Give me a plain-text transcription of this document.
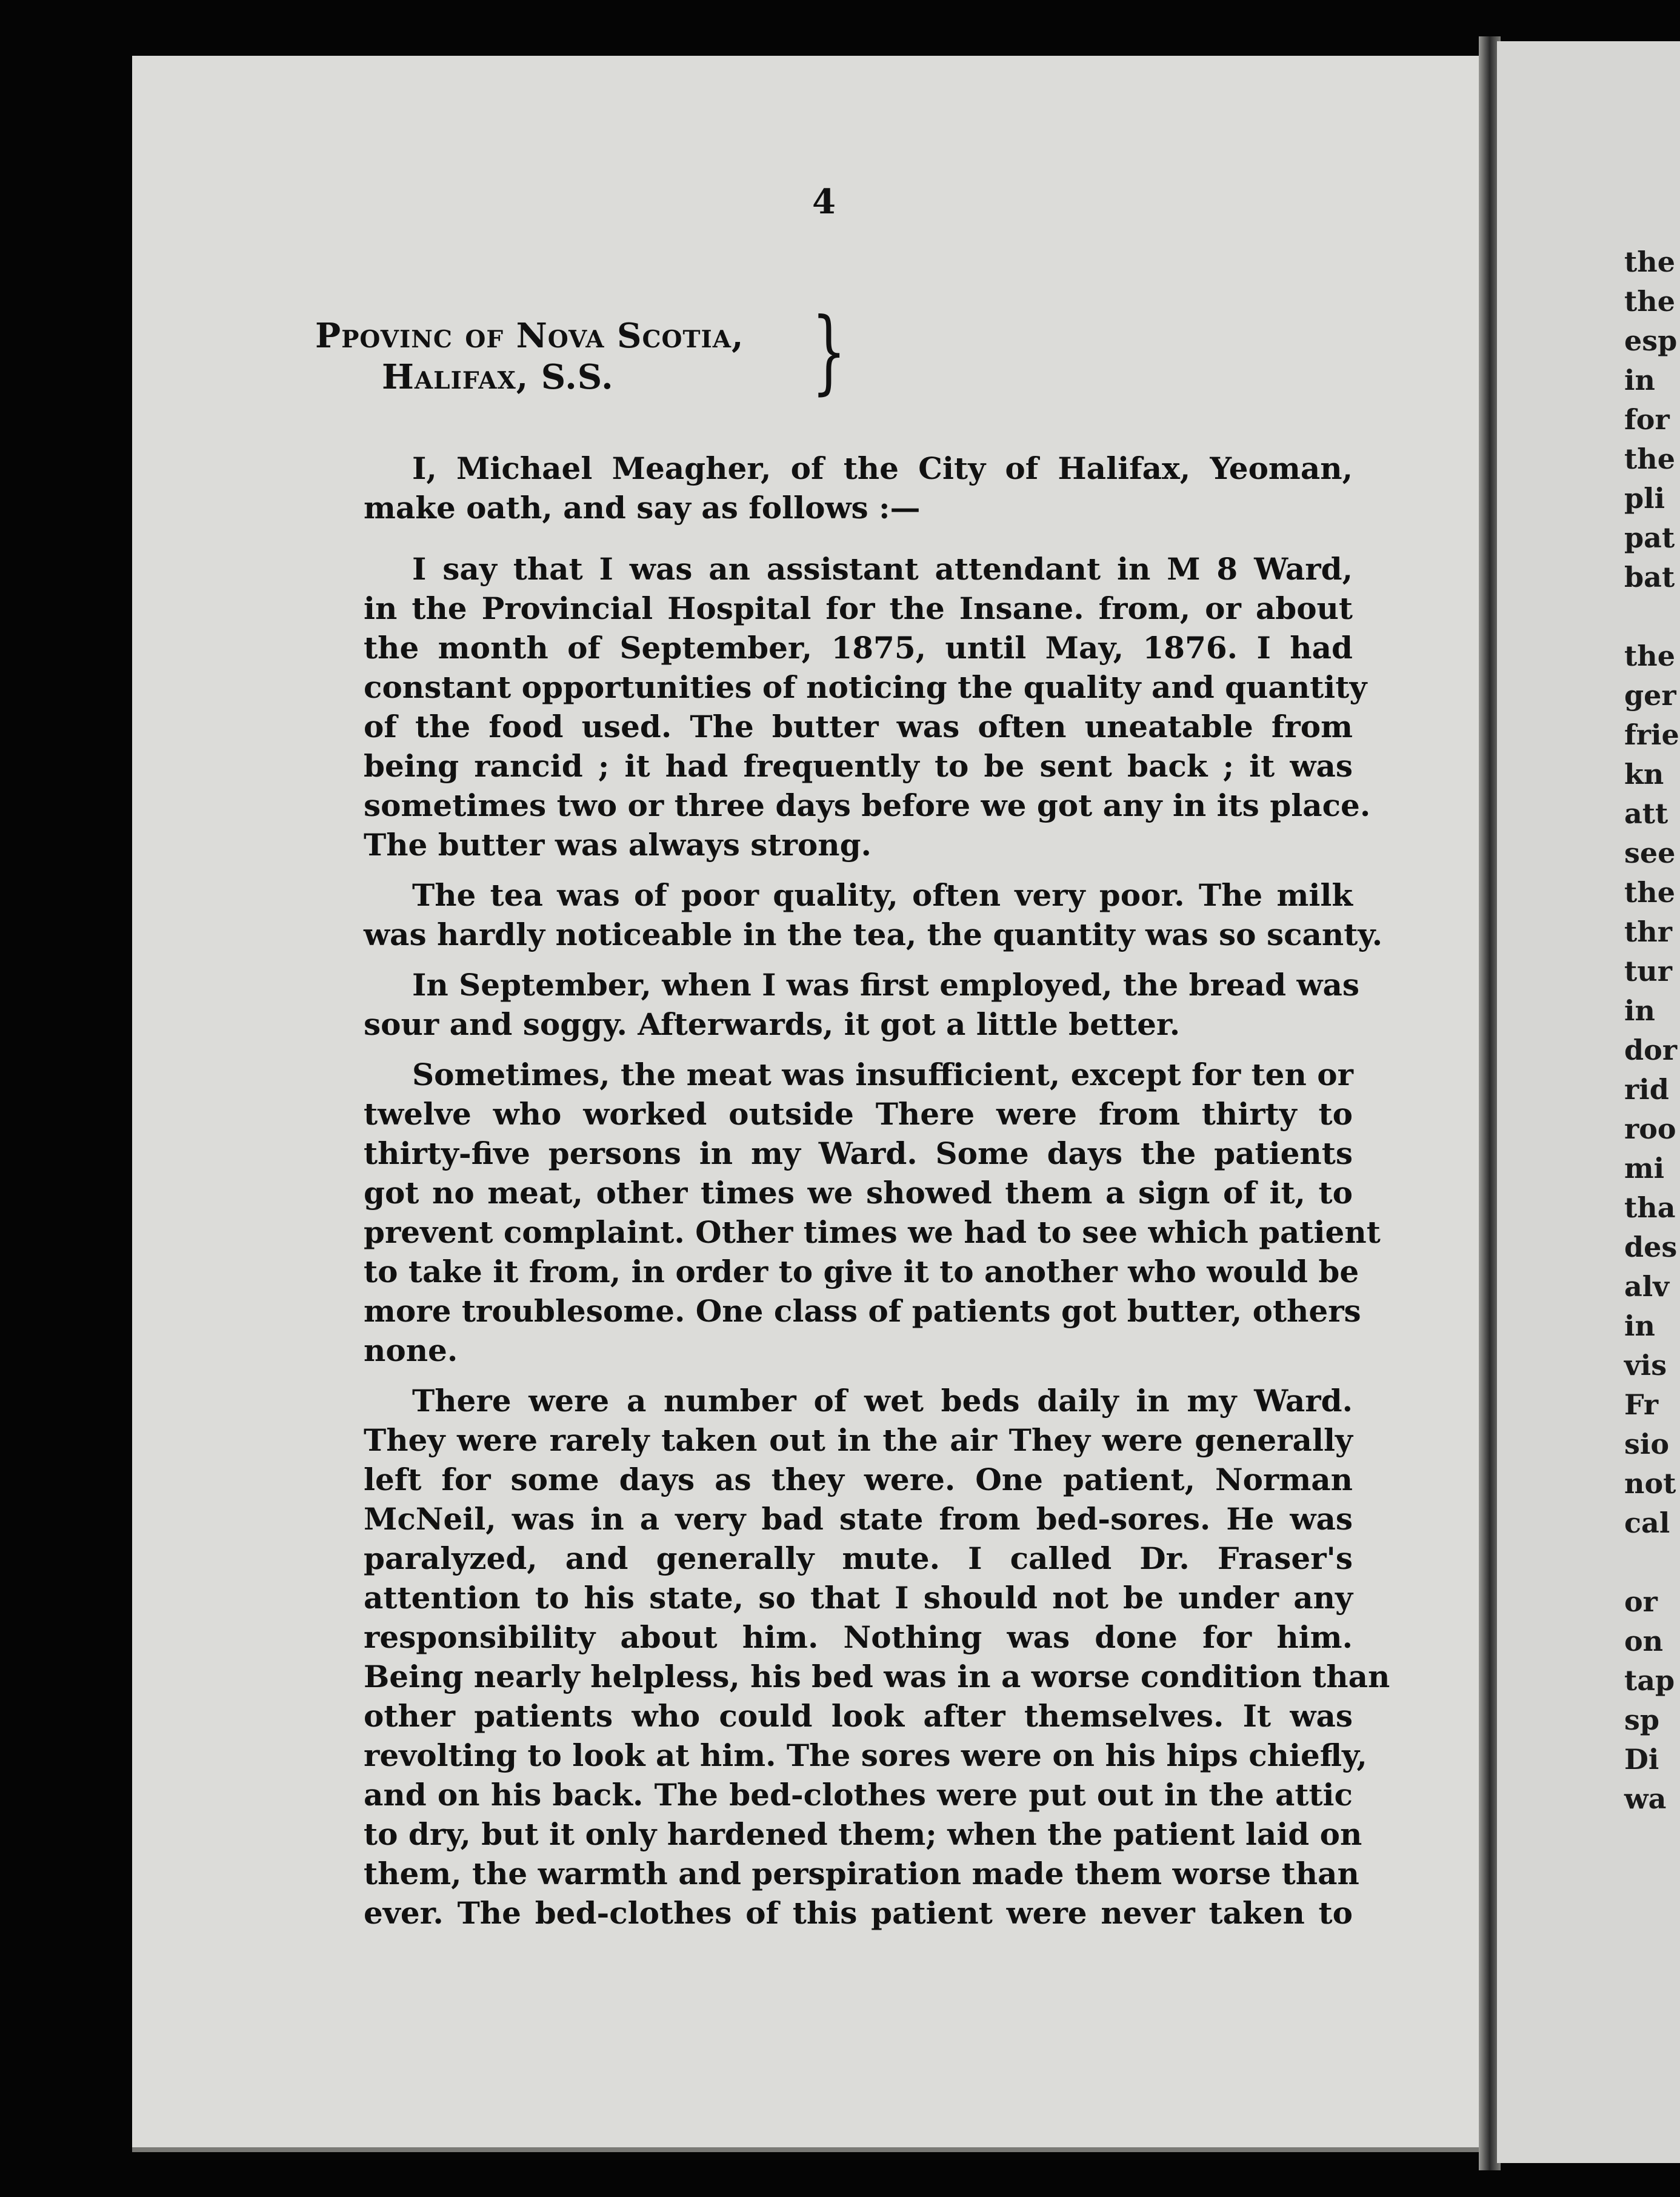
4
Ppovinc of Nova Scotia,
Halifax, S.S.	}

I, Michael Meagher, of the City of Halifax, Yeoman,
make oath, and say as follows :—

I say that I was an assistant attendant in M 8 Ward,
in the Provincial Hospital for the Insane. from, or about
the month of September, 1875, until May, 1876. I had
constant opportunities of noticing the quality and quantity
of the food used. The butter was often uneatable from
being rancid ; it had frequently to be sent back ; it was
sometimes two or three days before we got any in its place.
The butter was always strong.

The tea was of poor quality, often very poor. The milk
was hardly noticeable in the tea, the quantity was so scanty.

In September, when I was first employed, the bread was
sour and soggy. Afterwards, it got a little better.

Sometimes, the meat was insufficient, except for ten or
twelve who worked outside There were from thirty to
thirty-five persons in my Ward. Some days the patients
got no meat, other times we showed them a sign of it, to
prevent complaint. Other times we had to see which patient
to take it from, in order to give it to another who would be
more troublesome. One class of patients got butter, others
none.

There were a number of wet beds daily in my Ward.
They were rarely taken out in the air They were generally
left for some days as they were. One patient, Norman
McNeil, was in a very bad state from bed-sores. He was
paralyzed, and generally mute. I called Dr. Fraser's
attention to his state, so that I should not be under any
responsibility about him. Nothing was done for him.
Being nearly helpless, his bed was in a worse condition than
other patients who could look after themselves. It was
revolting to look at him. The sores were on his hips chiefly,
and on his back. The bed-clothes were put out in the attic
to dry, but it only hardened them; when the patient laid on
them, the warmth and perspiration made them worse than
ever. The bed-clothes of this patient were never taken to

the
the
esp
in
for
the
pli
pat
bat
the
ger
frie
kn
att
see
the
thr
tur
in
dor
rid
roo
mi
tha
des
alv
in
vis
Fr
sio
not
cal
or
on
tap
sp
Di
wa
